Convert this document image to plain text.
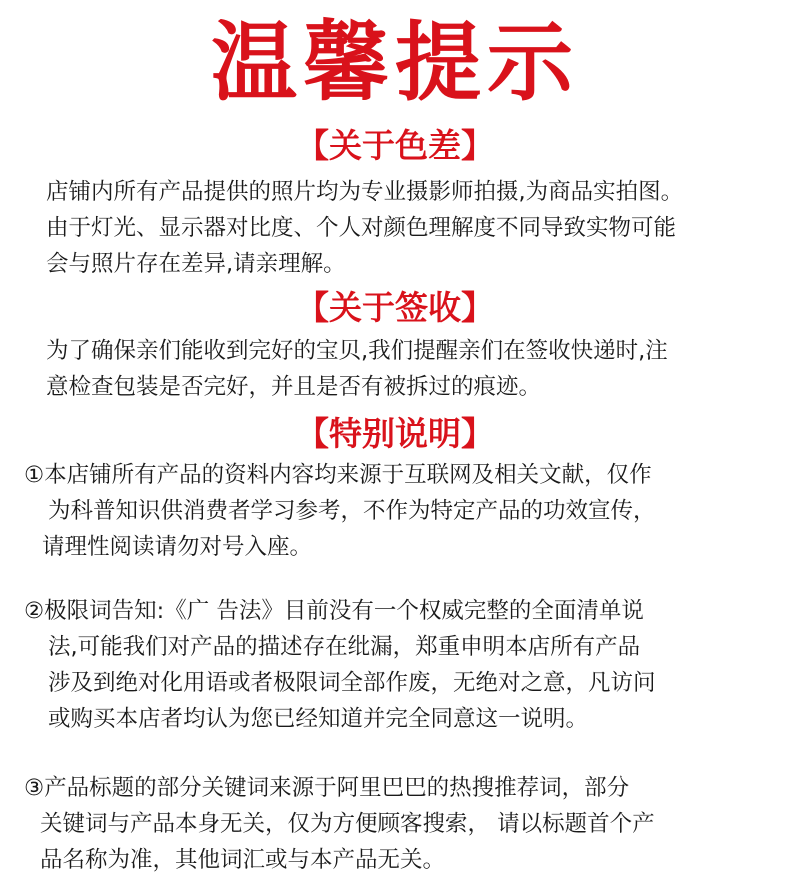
温馨提示
【关于色差】
店铺内所有产品提供的照片均为专业摄影师拍摄,为商品实拍图。
由于灯光、显示器对比度、个人对颜色理解度不同导致实物可能
会与照片存在差异,请亲理解。
【关于签收】
为了确保亲们能收到完好的宝贝,我们提醒亲们在签收快递时,注
意检查包装是否完好，并且是否有被拆过的痕迹。
【特别说明】
①本店铺所有产品的资料内容均来源于互联网及相关文献，仅作
为科普知识供消费者学习参考，不作为特定产品的功效宣传，
请理性阅读请勿对号入座。
②极限词告知:《广 告法》目前没有一个权威完整的全面清单说
法,可能我们对产品的描述存在纰漏，郑重申明本店所有产品
涉及到绝对化用语或者极限词全部作废，无绝对之意，凡访问
或购买本店者均认为您已经知道并完全同意这一说明。
③产品标题的部分关键词来源于阿里巴巴的热搜推荐词，部分
关键词与产品本身无关，仅为方便顾客搜索， 请以标题首个产
品名称为准，其他词汇或与本产品无关。
